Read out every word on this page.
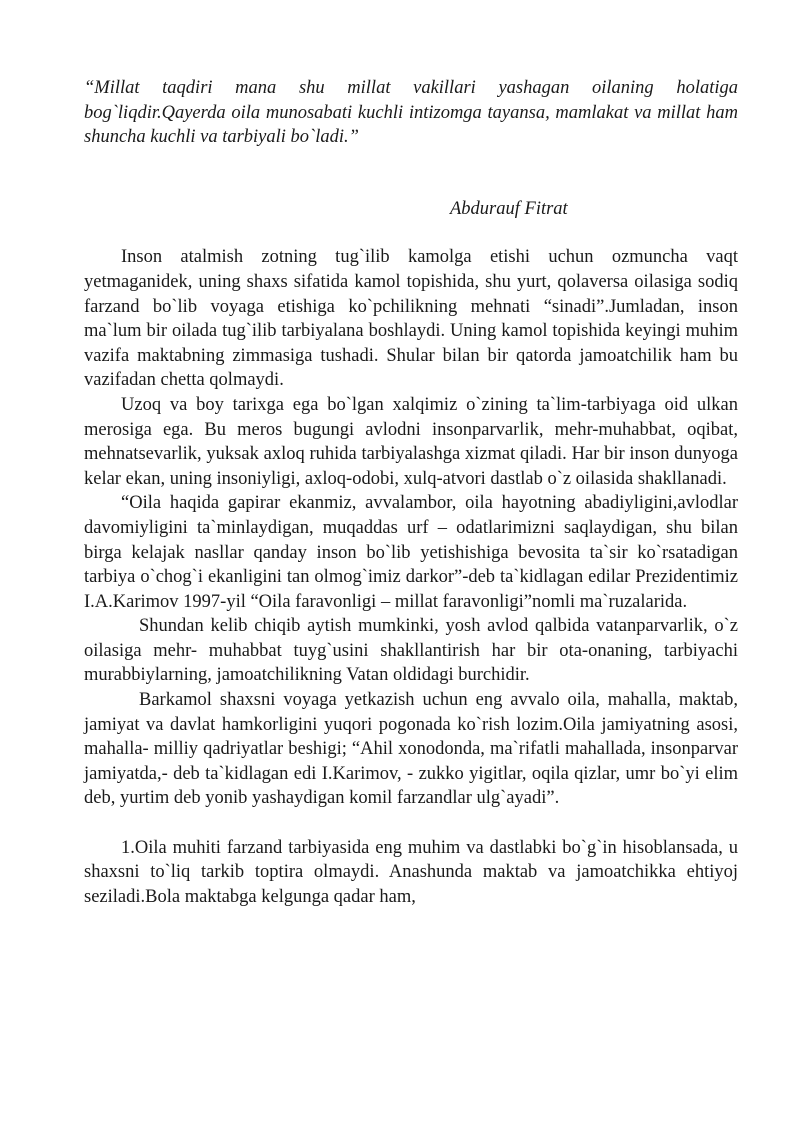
“Millat taqdiri mana shu millat vakillari yashagan oilaning holatiga bog`liqdir.Qayerda oila munosabati kuchli intizomga tayansa, mamlakat va millat ham shuncha kuchli va tarbiyali bo`ladi.”

Abdurauf Fitrat

Inson atalmish zotning tug`ilib kamolga etishi uchun ozmuncha vaqt yetmaganidek, uning shaxs sifatida kamol topishida, shu yurt, qolaversa oilasiga sodiq farzand bo`lib voyaga etishiga ko`pchilikning mehnati “sinadi”.Jumladan, inson ma`lum bir oilada tug`ilib tarbiyalana boshlaydi. Uning kamol topishida keyingi muhim vazifa maktabning zimmasiga tushadi. Shular bilan bir qatorda jamoatchilik ham bu vazifadan chetta qolmaydi.

Uzoq va boy tarixga ega bo`lgan xalqimiz o`zining ta`lim-tarbiyaga oid ulkan merosiga ega. Bu meros bugungi avlodni insonparvarlik, mehr-muhabbat, oqibat, mehnatsevarlik, yuksak axloq ruhida tarbiyalashga xizmat qiladi. Har bir inson dunyoga kelar ekan, uning insoniyligi, axloq-odobi, xulq-atvori dastlab o`z oilasida shakllanadi.

“Oila haqida gapirar ekanmiz, avvalambor, oila hayotning abadiyligini,avlodlar davomiyligini ta`minlaydigan, muqaddas urf – odatlarimizni saqlaydigan, shu bilan birga kelajak nasllar qanday inson bo`lib yetishishiga bevosita ta`sir ko`rsatadigan tarbiya o`chog`i ekanligini tan olmog`imiz darkor”-deb ta`kidlagan edilar Prezidentimiz I.A.Karimov 1997-yil “Oila faravonligi – millat faravonligi”nomli ma`ruzalarida.

Shundan kelib chiqib aytish mumkinki, yosh avlod qalbida vatanparvarlik, o`z oilasiga mehr- muhabbat tuyg`usini shakllantirish har bir ota-onaning, tarbiyachi murabbiylarning, jamoatchilikning Vatan oldidagi burchidir.

Barkamol shaxsni voyaga yetkazish uchun eng avvalo oila, mahalla, maktab, jamiyat va davlat hamkorligini yuqori pogonada ko`rish lozim.Oila jamiyatning asosi, mahalla- milliy qadriyatlar beshigi; “Ahil xonodonda, ma`rifatli mahallada, insonparvar jamiyatda,- deb ta`kidlagan edi I.Karimov, - zukko yigitlar, oqila qizlar, umr bo`yi elim deb, yurtim deb yonib yashaydigan komil farzandlar ulg`ayadi”.

1.Oila muhiti farzand tarbiyasida eng muhim va dastlabki bo`g`in hisoblansada, u shaxsni to`liq tarkib toptira olmaydi. Anashunda maktab va jamoatchikka ehtiyoj seziladi.Bola maktabga kelgunga qadar ham,
